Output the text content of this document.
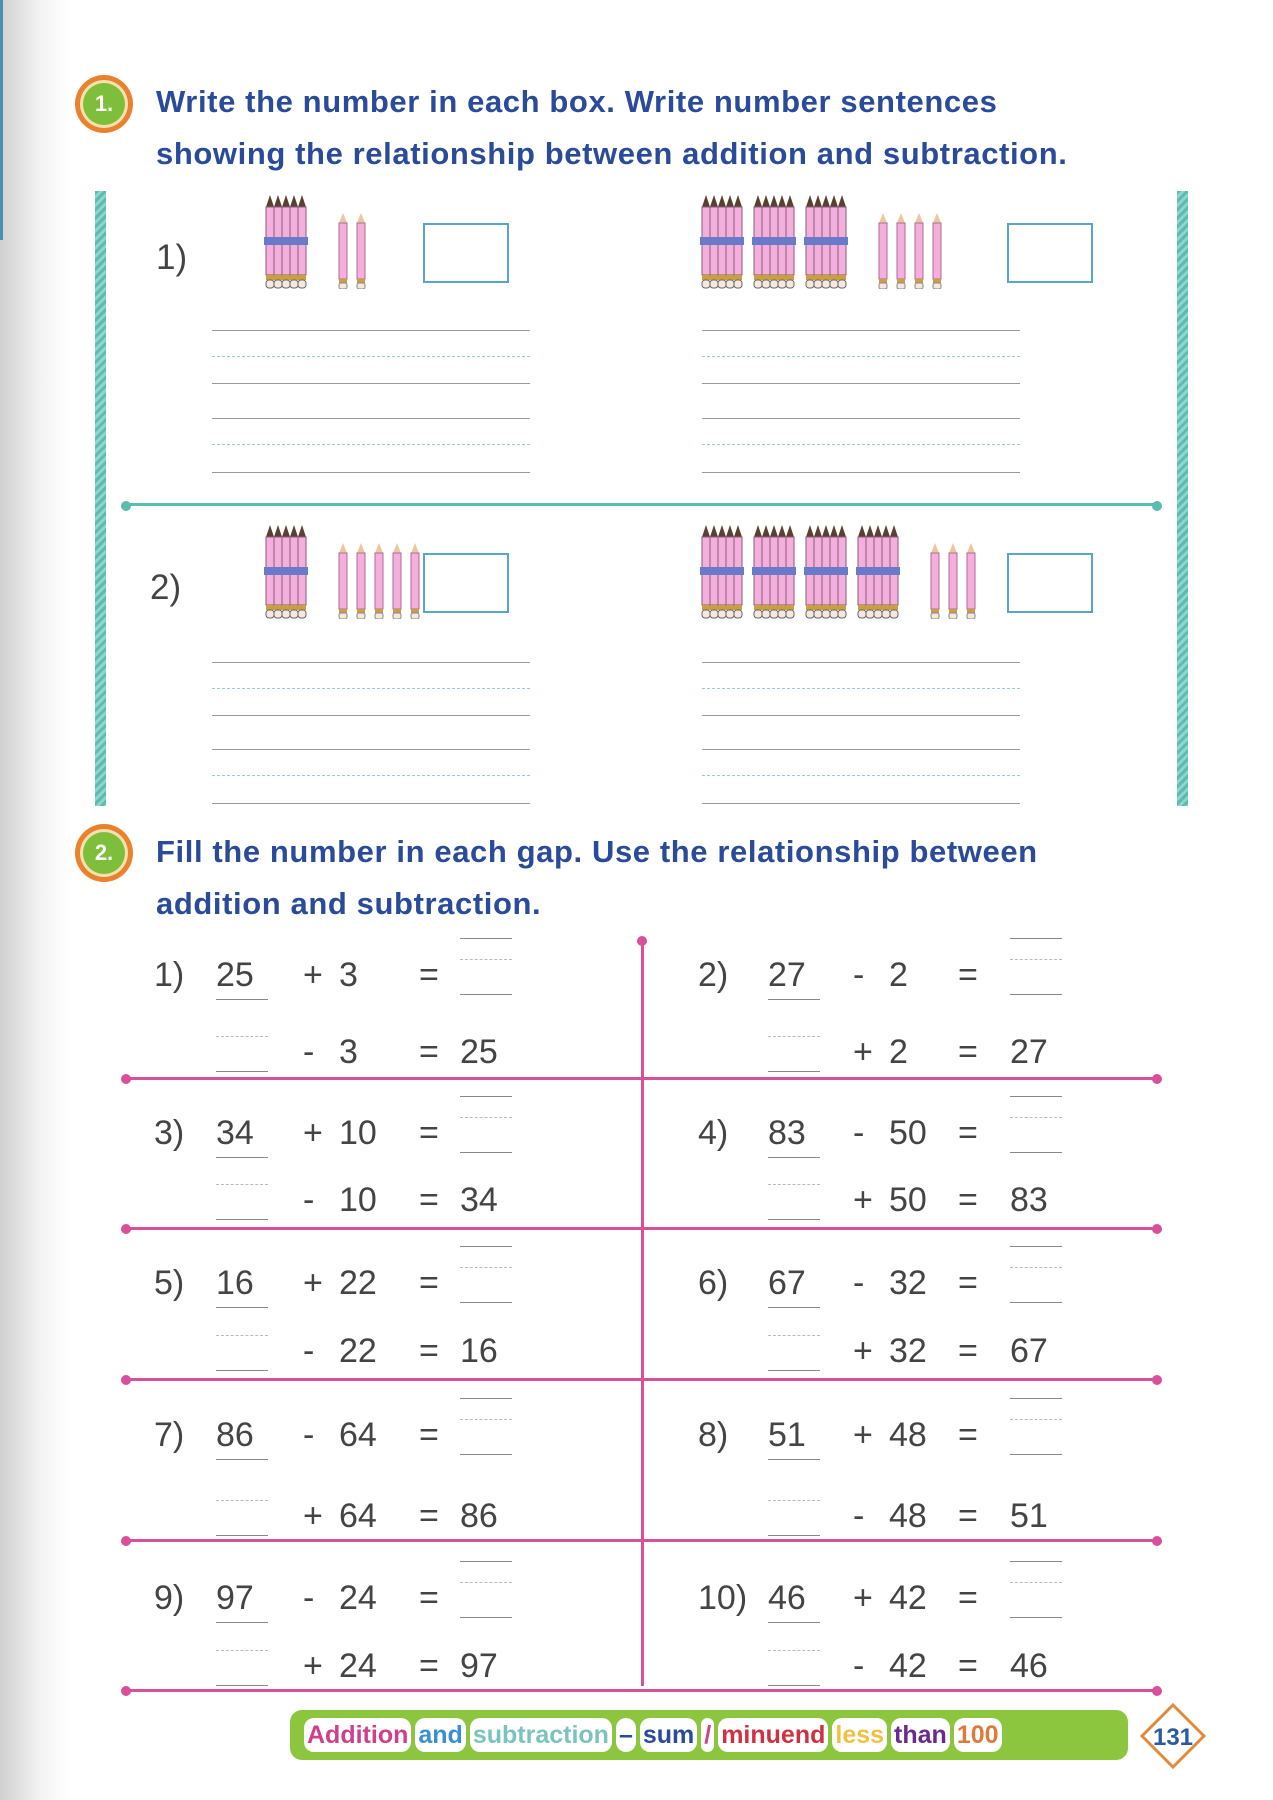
1.	Write the number in each box. Write number sentences
showing the relationship between addition and subtraction.
1)
2)
2.	Fill the number in each gap. Use the relationship between
addition and subtraction.
1) 25	+ 3 =
- 3 = 25
2) 27	- 2 =
+ 2 = 27
3) 34	+ 10 =
- 10 = 34
4) 83	- 50 =
+ 50 = 83
5) 16	+ 22 =
- 22 = 16
6) 67	- 32 =
+ 32 = 67
7) 86	- 64 =
+ 64 = 86
8) 51	+ 48 =
- 48 = 51
9) 97	- 24 =
+ 24 = 97
10) 46	+ 42 =
- 42 = 46
Addition and subtraction – sum / minuend less than 100	131
